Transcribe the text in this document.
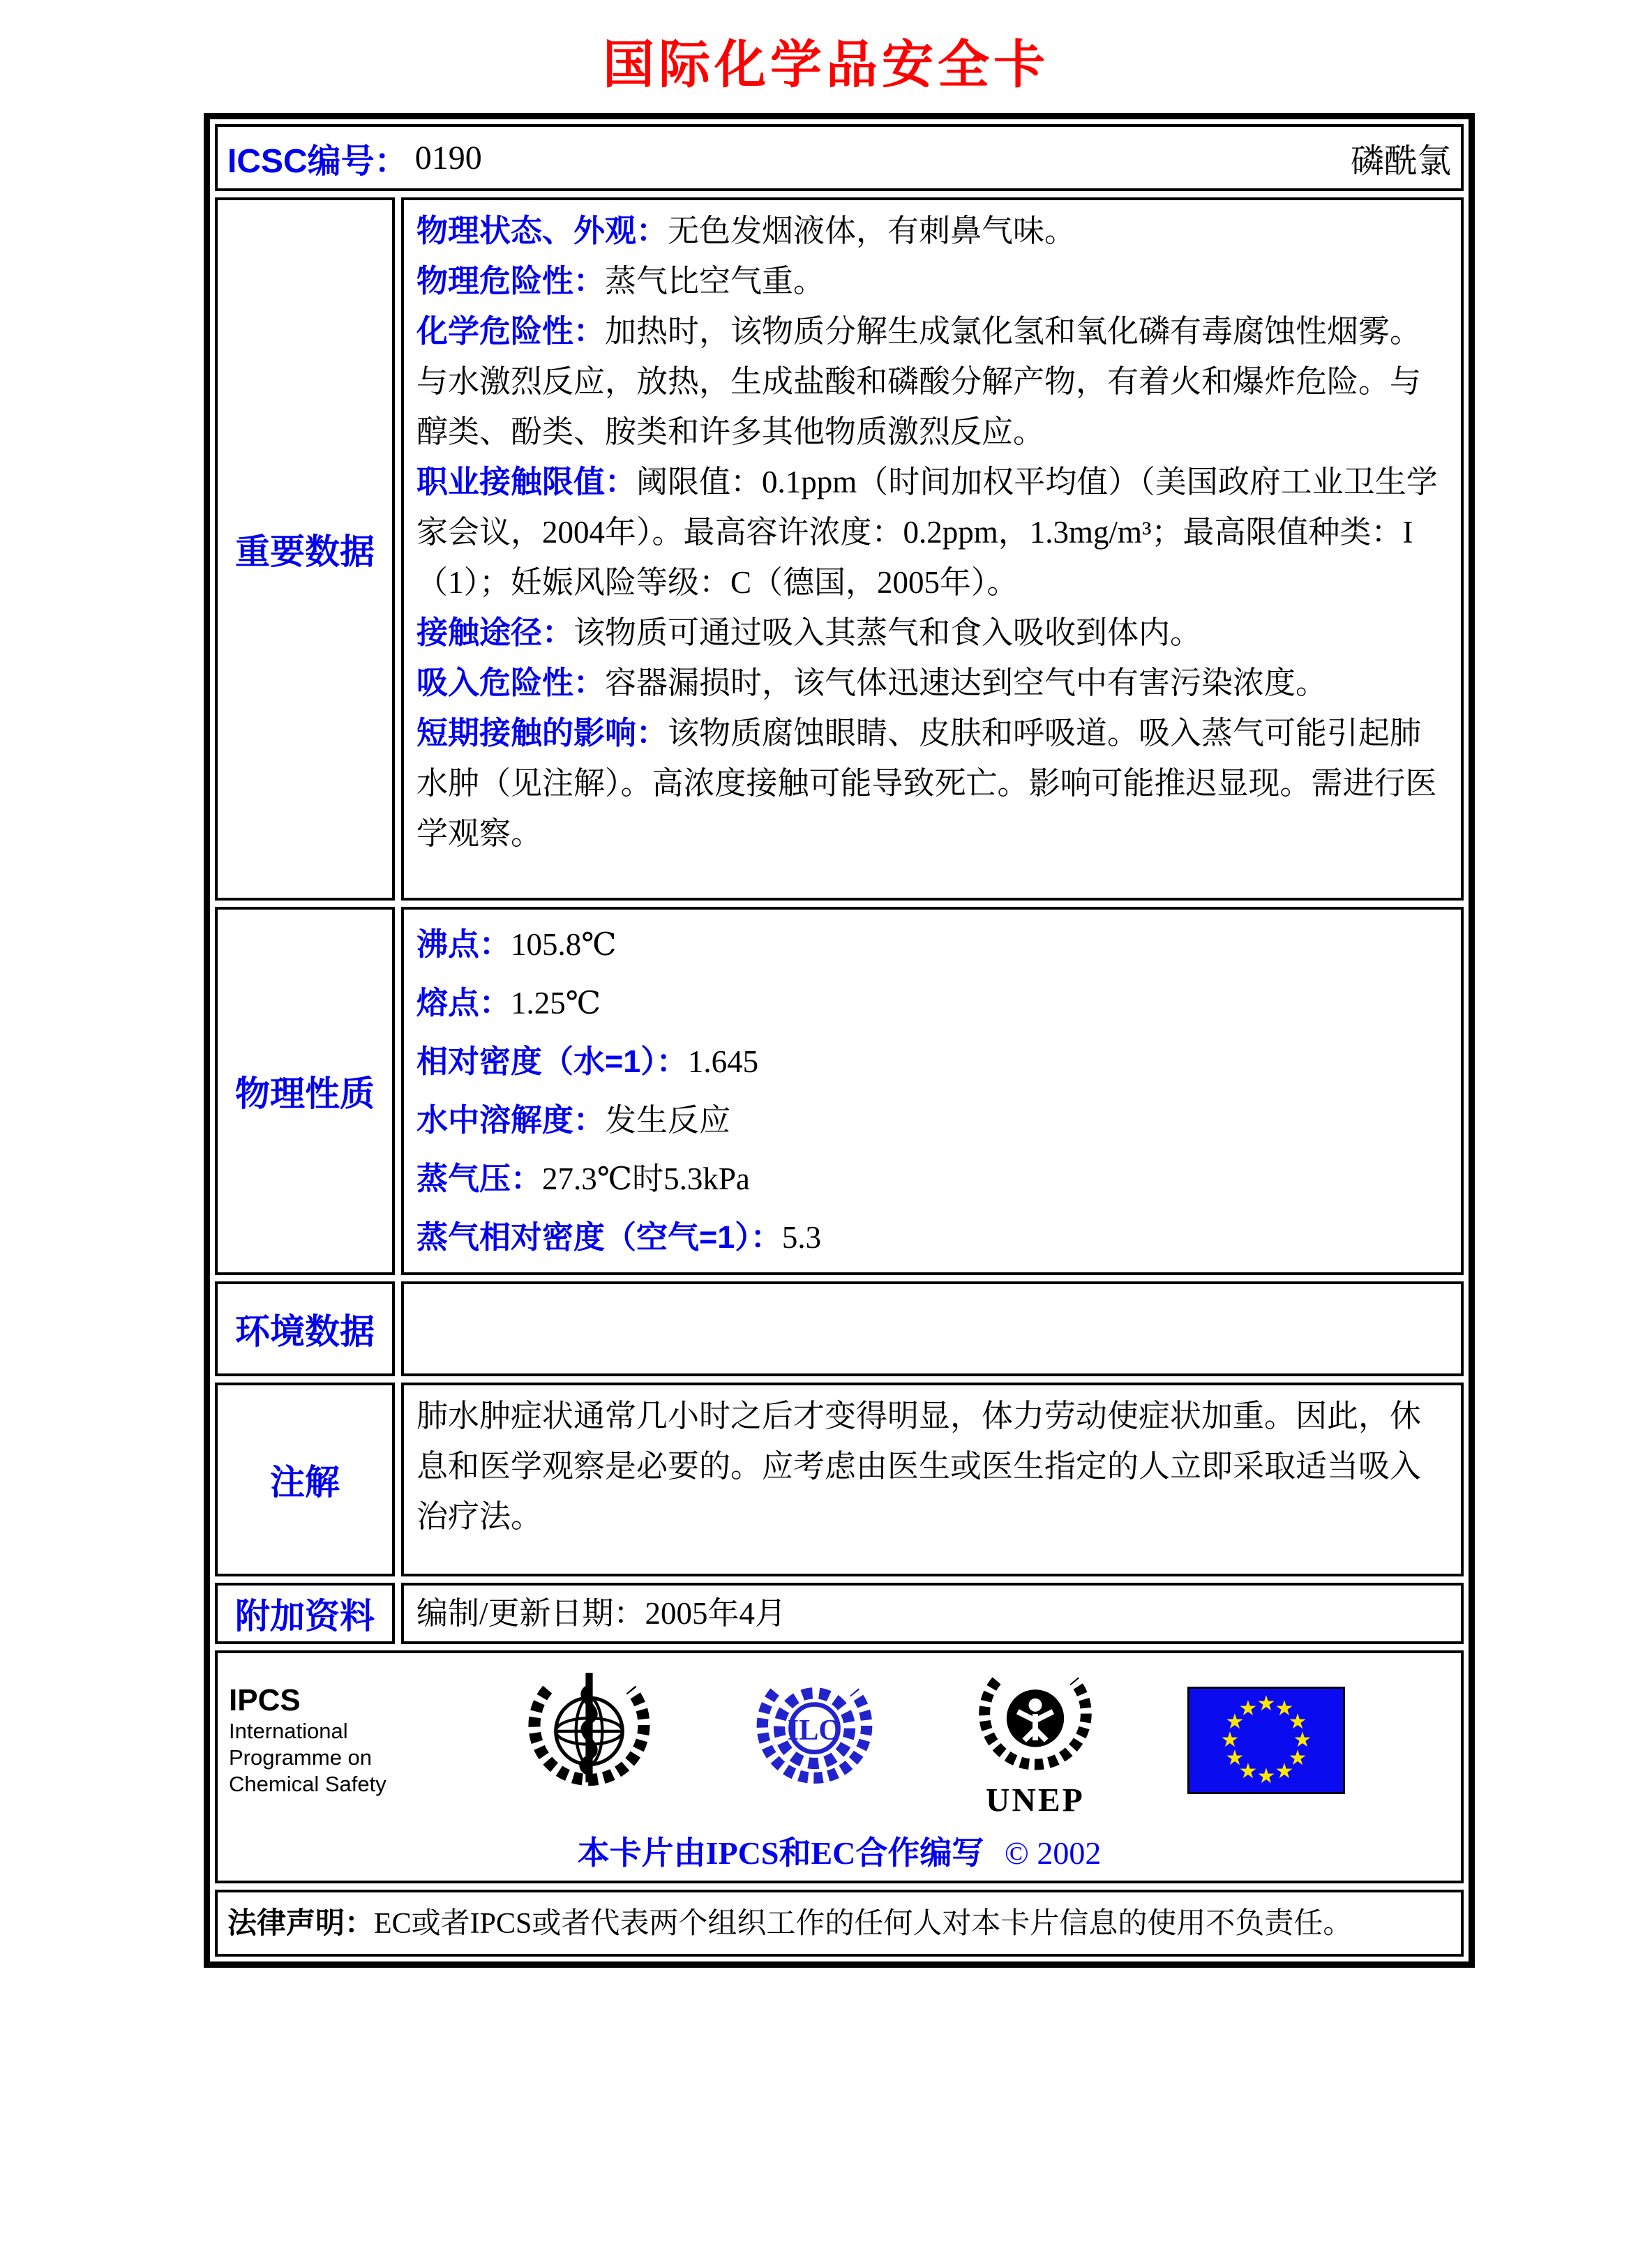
国际化学品安全卡
ICSC编号： 0190	磷酰氯
重要数据

物理状态、外观：无色发烟液体，有刺鼻气味。

物理危险性：蒸气比空气重。

化学危险性：加热时，该物质分解生成氯化氢和氧化磷有毒腐蚀性烟雾。与水激烈反应，放热，生成盐酸和磷酸分解产物，有着火和爆炸危险。与醇类、酚类、胺类和许多其他物质激烈反应。

职业接触限值：阈限值：0.1ppm（时间加权平均值）（美国政府工业卫生学家会议，2004年）。最高容许浓度：0.2ppm，1.3mg/m³；最高限值种类：I（1）；妊娠风险等级：C（德国，2005年）。

接触途径：该物质可通过吸入其蒸气和食入吸收到体内。

吸入危险性：容器漏损时，该气体迅速达到空气中有害污染浓度。

短期接触的影响：该物质腐蚀眼睛、皮肤和呼吸道。吸入蒸气可能引起肺水肿（见注解）。高浓度接触可能导致死亡。影响可能推迟显现。需进行医学观察。

物理性质

沸点：105.8℃

熔点：1.25℃

相对密度（水=1）：1.645

水中溶解度：发生反应

蒸气压：27.3℃时5.3kPa

蒸气相对密度（空气=1）：5.3

环境数据
注解
肺水肿症状通常几小时之后才变得明显，体力劳动使症状加重。因此，休息和医学观察是必要的。应考虑由医生或医生指定的人立即采取适当吸入治疗法。
附加资料	编制/更新日期：2005年4月
IPCS
International
Programme on
Chemical Safety
ILO
UNEP
★ ★
★
★
★
★
★
★
★
★
★
★
本卡片由IPCS和EC合作编写 © 2002
法律声明：EC或者IPCS或者代表两个组织工作的任何人对本卡片信息的使用不负责任。
